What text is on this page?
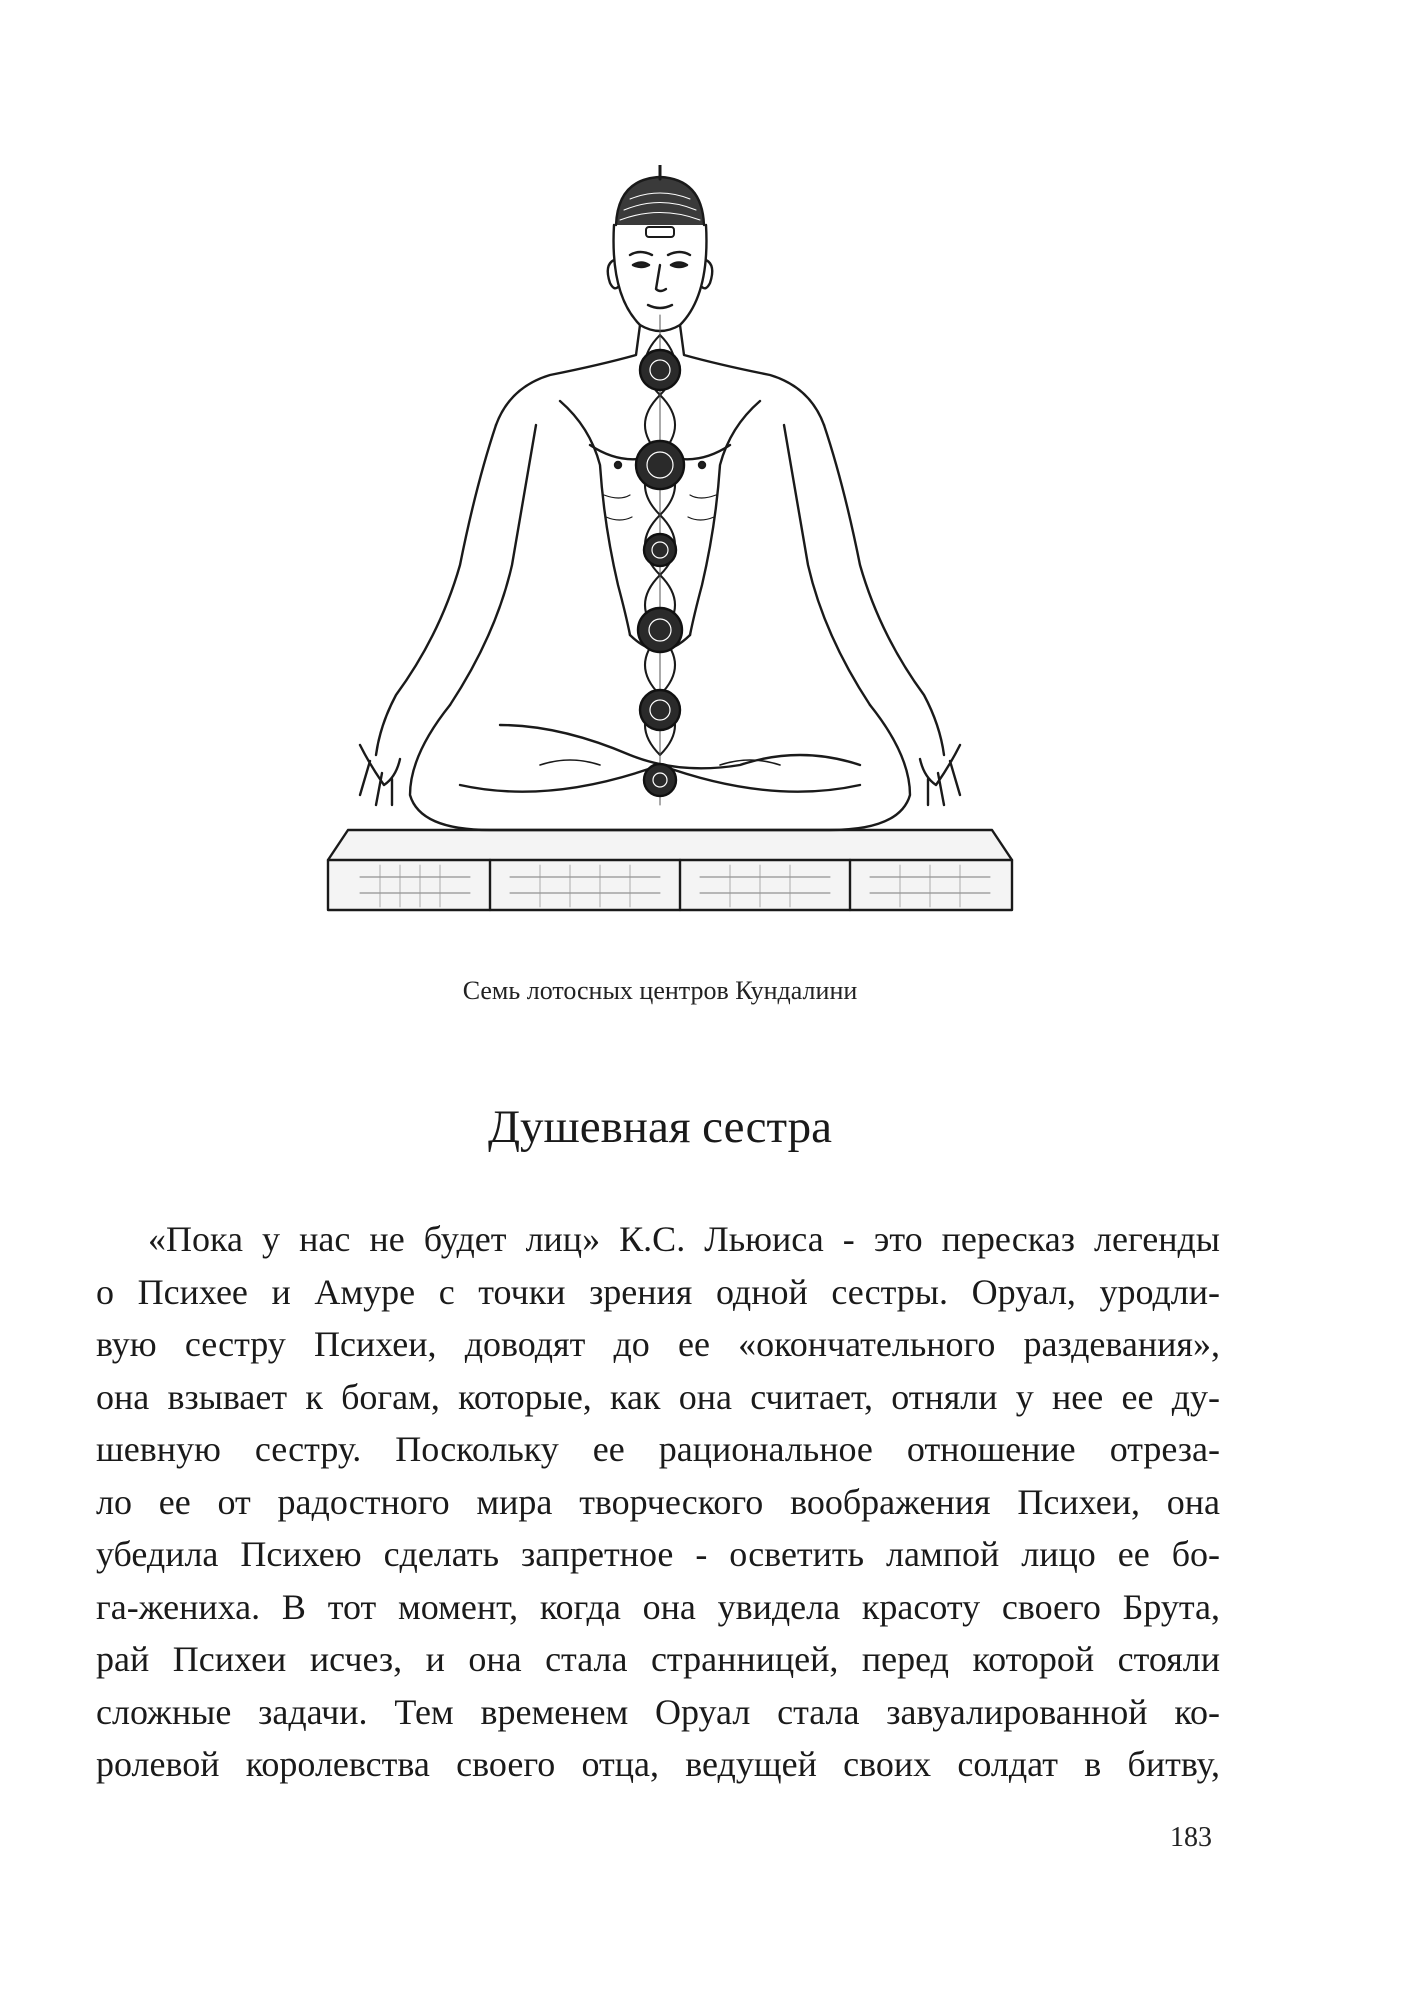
Семь лотосных центров Кундалини
Душевная сестра
«Пока у нас не будет лиц» К.С. Льюиса - это пересказ легенды
о Психее и Амуре с точки зрения одной сестры. Оруал, уродли-
вую сестру Психеи, доводят до ее «окончательного раздевания»,
она взывает к богам, которые, как она считает, отняли у нее ее ду-
шевную сестру. Поскольку ее рациональное отношение отреза-
ло ее от радостного мира творческого воображения Психеи, она
убедила Психею сделать запретное - осветить лампой лицо ее бо-
га-жениха. В тот момент, когда она увидела красоту своего Брута,
рай Психеи исчез, и она стала странницей, перед которой стояли
сложные задачи. Тем временем Оруал стала завуалированной ко-
ролевой королевства своего отца, ведущей своих солдат в битву,
183
